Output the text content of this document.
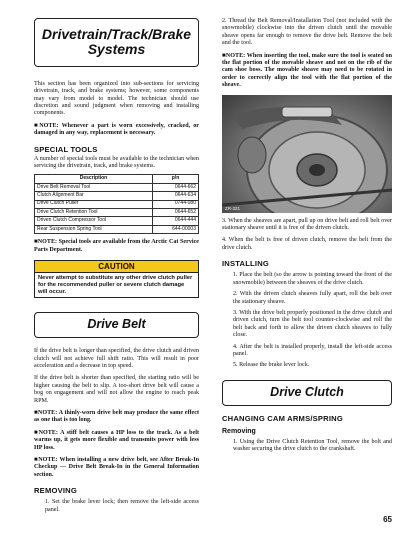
Drivetrain/Track/Brake Systems

This section has been organized into sub-sections for servicing drivetrain, track, and brake systems; however, some components may vary from model to model. The technician should use discretion and sound judgment when removing and installing components.

■NOTE: Whenever a part is worn excessively, cracked, or damaged in any way, replacement is necessary.

SPECIAL TOOLS

A number of special tools must be available to the technician when servicing the drivetrain, track, and brake systems.

Description	p/n
Drive Belt Removal Tool	0644-662
Clutch Alignment Bar	0644-634
Drive Clutch Puller	0744-080
Drive Clutch Retention Tool	0644-652
Driven Clutch Compressor Tool	0644-444
Rear Suspension Spring Tool	644-00003

■NOTE: Special tools are available from the Arctic Cat Service Parts Department.

CAUTION
Never attempt to substitute any other drive clutch puller for the recommended puller or severe clutch damage will occur.
Drive Belt

If the drive belt is longer than specified, the drive clutch and driven clutch will not achieve full shift ratio. This will result in poor acceleration and a decrease in top speed.

If the drive belt is shorter than specified, the starting ratio will be higher causing the belt to slip. A too-short drive belt will cause a bog on engagement and will not allow the engine to reach peak RPM.

■NOTE: A thinly-worn drive belt may produce the same effect as one that is too long.

■NOTE: A stiff belt causes a HP loss to the track. As a belt warms up, it gets more flexible and transmits power with less HP loss.

■NOTE: When installing a new drive belt, see After Break-In Checkup — Drive Belt Break-In in the General Information section.

REMOVING
1. Set the brake lever lock; then remove the left-side access panel.

2. Thread the Belt Removal/Installation Tool (not included with the snowmobile) clockwise into the driven clutch until the movable sheave opens far enough to remove the drive belt. Remove the belt and the tool.

■NOTE: When inserting the tool, make sure the tool is seated on the flat portion of the movable sheave and not on the rib of the cam shoe boss. The movable sheave may need to be rotated in order to correctly align the tool with the flat portion of the sheave.

ZR-321

3. When the sheaves are apart, pull up on drive belt and roll belt over stationary sheave until it is free of the driven clutch.

4. When the belt is free of driven clutch, remove the belt from the drive clutch.

INSTALLING
1. Place the belt (so the arrow is pointing toward the front of the snowmobile) between the sheaves of the drive clutch.
2. With the driven clutch sheaves fully apart, roll the belt over the stationary sheave.
3. With the drive belt properly positioned in the drive clutch and driven clutch, turn the belt tool counter-clockwise and roll the belt back and forth to allow the driven clutch sheaves to fully close.
4. After the belt is installed properly, install the left-side access panel.
5. Release the brake lever lock.
Drive Clutch
CHANGING CAM ARMS/SPRING
Removing
1. Using the Drive Clutch Retention Tool, remove the bolt and washer securing the drive clutch to the crankshaft.
65
